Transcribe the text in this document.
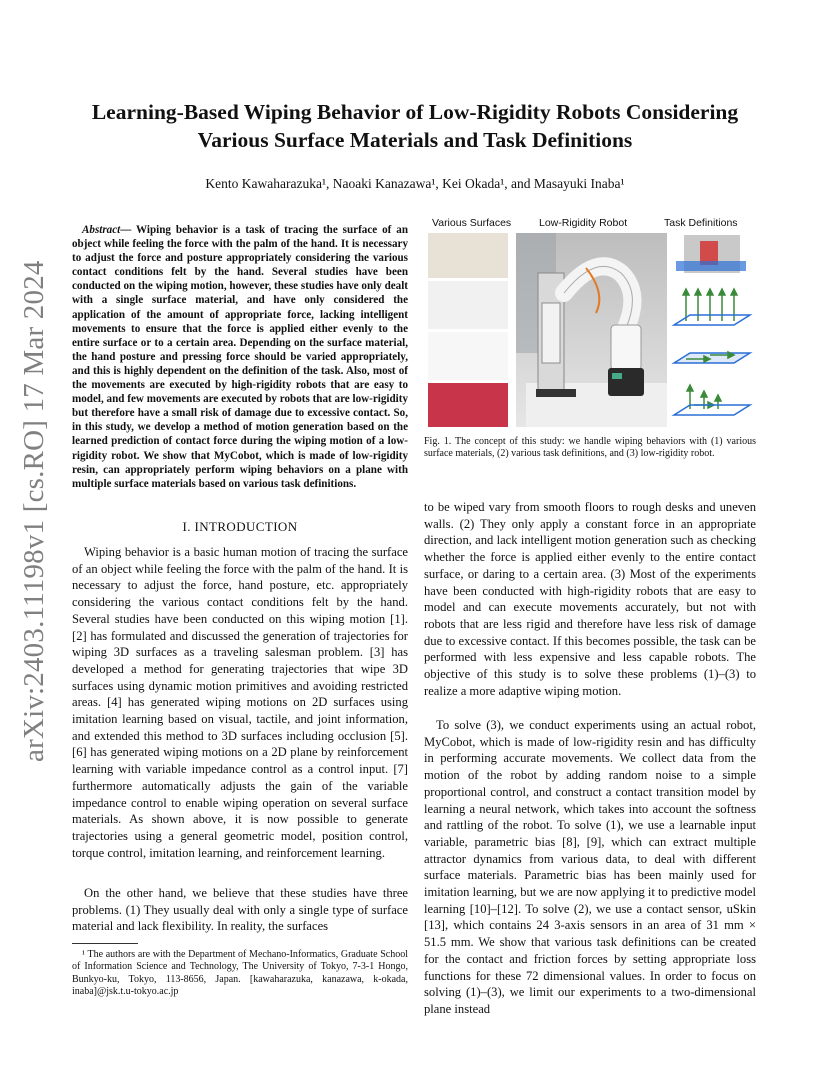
arXiv:2403.11198v1 [cs.RO] 17 Mar 2024
Learning-Based Wiping Behavior of Low-Rigidity Robots Considering Various Surface Materials and Task Definitions
Kento Kawaharazuka¹, Naoaki Kanazawa¹, Kei Okada¹, and Masayuki Inaba¹

Abstract— Wiping behavior is a task of tracing the surface of an object while feeling the force with the palm of the hand. It is necessary to adjust the force and posture appropriately considering the various contact conditions felt by the hand. Several studies have been conducted on the wiping motion, however, these studies have only dealt with a single surface material, and have only considered the application of the amount of appropriate force, lacking intelligent movements to ensure that the force is applied either evenly to the entire surface or to a certain area. Depending on the surface material, the hand posture and pressing force should be varied appropriately, and this is highly dependent on the definition of the task. Also, most of the movements are executed by high-rigidity robots that are easy to model, and few movements are executed by robots that are low-rigidity but therefore have a small risk of damage due to excessive contact. So, in this study, we develop a method of motion generation based on the learned prediction of contact force during the wiping motion of a low-rigidity robot. We show that MyCobot, which is made of low-rigidity resin, can appropriately perform wiping behaviors on a plane with multiple surface materials based on various task definitions.

I. INTRODUCTION

Wiping behavior is a basic human motion of tracing the surface of an object while feeling the force with the palm of the hand. It is necessary to adjust the force, hand posture, etc. appropriately considering the various contact conditions felt by the hand. Several studies have been conducted on this wiping motion [1]. [2] has formulated and discussed the generation of trajectories for wiping 3D surfaces as a traveling salesman problem. [3] has developed a method for generating trajectories that wipe 3D surfaces using dynamic motion primitives and avoiding restricted areas. [4] has generated wiping motions on 2D surfaces using imitation learning based on visual, tactile, and joint information, and extended this method to 3D surfaces including occlusion [5]. [6] has generated wiping motions on a 2D plane by reinforcement learning with variable impedance control as a control input. [7] furthermore automatically adjusts the gain of the variable impedance control to enable wiping operation on several surface materials. As shown above, it is now possible to generate trajectories using a general geometric model, position control, torque control, imitation learning, and reinforcement learning.

On the other hand, we believe that these studies have three problems. (1) They usually deal with only a single type of surface material and lack flexibility. In reality, the surfaces

¹ The authors are with the Department of Mechano-Informatics, Graduate School of Information Science and Technology, The University of Tokyo, 7-3-1 Hongo, Bunkyo-ku, Tokyo, 113-8656, Japan. [kawaharazuka, kanazawa, k-okada, inaba]@jsk.t.u-tokyo.ac.jp

Various Surfaces	Low-Rigidity Robot	Task Definitions

Fig. 1. The concept of this study: we handle wiping behaviors with (1) various surface materials, (2) various task definitions, and (3) low-rigidity robot.

to be wiped vary from smooth floors to rough desks and uneven walls. (2) They only apply a constant force in an appropriate direction, and lack intelligent motion generation such as checking whether the force is applied either evenly to the entire contact surface, or daring to a certain area. (3) Most of the experiments have been conducted with high-rigidity robots that are easy to model and can execute movements accurately, but not with robots that are less rigid and therefore have less risk of damage due to excessive contact. If this becomes possible, the task can be performed with less expensive and less capable robots. The objective of this study is to solve these problems (1)–(3) to realize a more adaptive wiping motion.

To solve (3), we conduct experiments using an actual robot, MyCobot, which is made of low-rigidity resin and has difficulty in performing accurate movements. We collect data from the motion of the robot by adding random noise to a simple proportional control, and construct a contact transition model by learning a neural network, which takes into account the softness and rattling of the robot. To solve (1), we use a learnable input variable, parametric bias [8], [9], which can extract multiple attractor dynamics from various data, to deal with different surface materials. Parametric bias has been mainly used for imitation learning, but we are now applying it to predictive model learning [10]–[12]. To solve (2), we use a contact sensor, uSkin [13], which contains 24 3-axis sensors in an area of 31 mm × 51.5 mm. We show that various task definitions can be created for the contact and friction forces by setting appropriate loss functions for these 72 dimensional values. In order to focus on solving (1)–(3), we limit our experiments to a two-dimensional plane instead
